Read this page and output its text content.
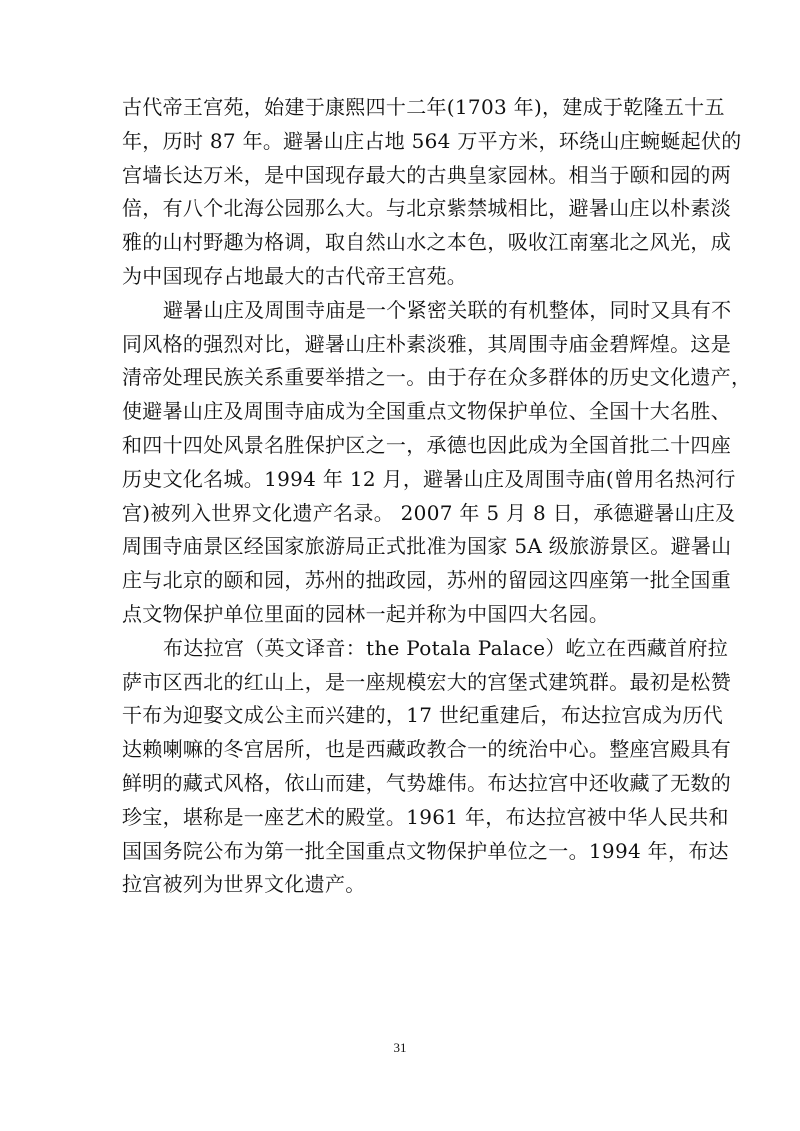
古代帝王宫苑，始建于康熙四十二年(1703 年)，建成于乾隆五十五
年，历时 87 年。避暑山庄占地 564 万平方米，环绕山庄蜿蜒起伏的
宫墙长达万米，是中国现存最大的古典皇家园林。相当于颐和园的两
倍，有八个北海公园那么大。与北京紫禁城相比，避暑山庄以朴素淡
雅的山村野趣为格调，取自然山水之本色，吸收江南塞北之风光，成
为中国现存占地最大的古代帝王宫苑。
避暑山庄及周围寺庙是一个紧密关联的有机整体，同时又具有不
同风格的强烈对比，避暑山庄朴素淡雅，其周围寺庙金碧辉煌。这是
清帝处理民族关系重要举措之一。由于存在众多群体的历史文化遗产，
使避暑山庄及周围寺庙成为全国重点文物保护单位、全国十大名胜、
和四十四处风景名胜保护区之一，承德也因此成为全国首批二十四座
历史文化名城。1994 年 12 月，避暑山庄及周围寺庙(曾用名热河行
宫)被列入世界文化遗产名录。 2007 年 5 月 8 日，承德避暑山庄及
周围寺庙景区经国家旅游局正式批准为国家 5A 级旅游景区。避暑山
庄与北京的颐和园，苏州的拙政园，苏州的留园这四座第一批全国重
点文物保护单位里面的园林一起并称为中国四大名园。
布达拉宫（英文译音：the Potala Palace）屹立在西藏首府拉
萨市区西北的红山上，是一座规模宏大的宫堡式建筑群。最初是松赞
干布为迎娶文成公主而兴建的，17 世纪重建后，布达拉宫成为历代
达赖喇嘛的冬宫居所，也是西藏政教合一的统治中心。整座宫殿具有
鲜明的藏式风格，依山而建，气势雄伟。布达拉宫中还收藏了无数的
珍宝，堪称是一座艺术的殿堂。1961 年，布达拉宫被中华人民共和
国国务院公布为第一批全国重点文物保护单位之一。1994 年，布达
拉宫被列为世界文化遗产。
31
